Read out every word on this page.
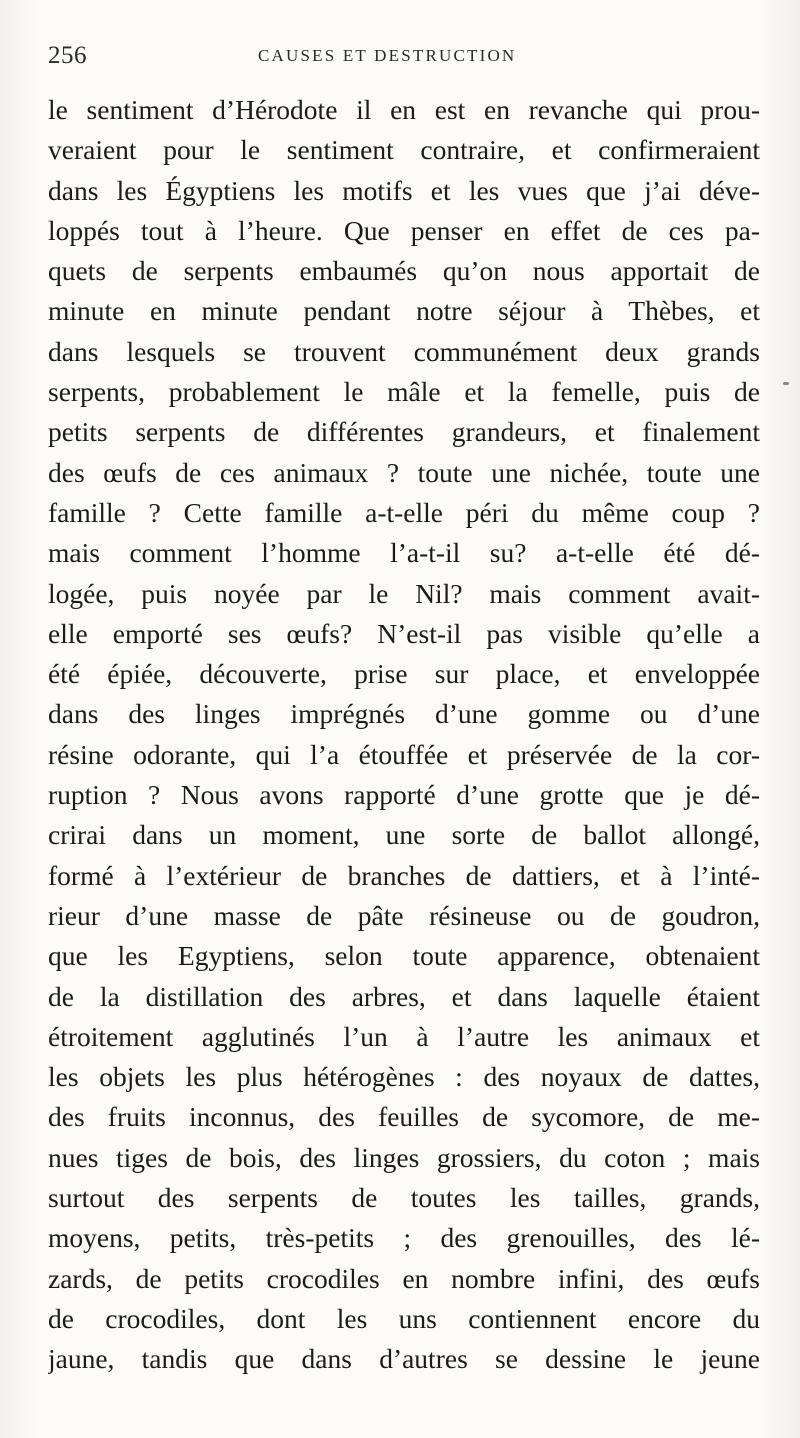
256	CAUSES ET DESTRUCTION
le sentiment d’Hérodote il en est en revanche qui prou-
veraient pour le sentiment contraire, et confirmeraient
dans les Égyptiens les motifs et les vues que j’ai déve-
loppés tout à l’heure. Que penser en effet de ces pa-
quets de serpents embaumés qu’on nous apportait de
minute en minute pendant notre séjour à Thèbes, et
dans lesquels se trouvent communément deux grands
serpents, probablement le mâle et la femelle, puis de
petits serpents de différentes grandeurs, et finalement
des œufs de ces animaux ? toute une nichée, toute une
famille ? Cette famille a-t-elle péri du même coup ?
mais comment l’homme l’a-t-il su? a-t-elle été dé-
logée, puis noyée par le Nil? mais comment avait-
elle emporté ses œufs? N’est-il pas visible qu’elle a
été épiée, découverte, prise sur place, et enveloppée
dans des linges imprégnés d’une gomme ou d’une
résine odorante, qui l’a étouffée et préservée de la cor-
ruption ? Nous avons rapporté d’une grotte que je dé-
crirai dans un moment, une sorte de ballot allongé,
formé à l’extérieur de branches de dattiers, et à l’inté-
rieur d’une masse de pâte résineuse ou de goudron,
que les Egyptiens, selon toute apparence, obtenaient
de la distillation des arbres, et dans laquelle étaient
étroitement agglutinés l’un à l’autre les animaux et
les objets les plus hétérogènes : des noyaux de dattes,
des fruits inconnus, des feuilles de sycomore, de me-
nues tiges de bois, des linges grossiers, du coton ; mais
surtout des serpents de toutes les tailles, grands,
moyens, petits, très-petits ; des grenouilles, des lé-
zards, de petits crocodiles en nombre infini, des œufs
de crocodiles, dont les uns contiennent encore du
jaune, tandis que dans d’autres se dessine le jeune
